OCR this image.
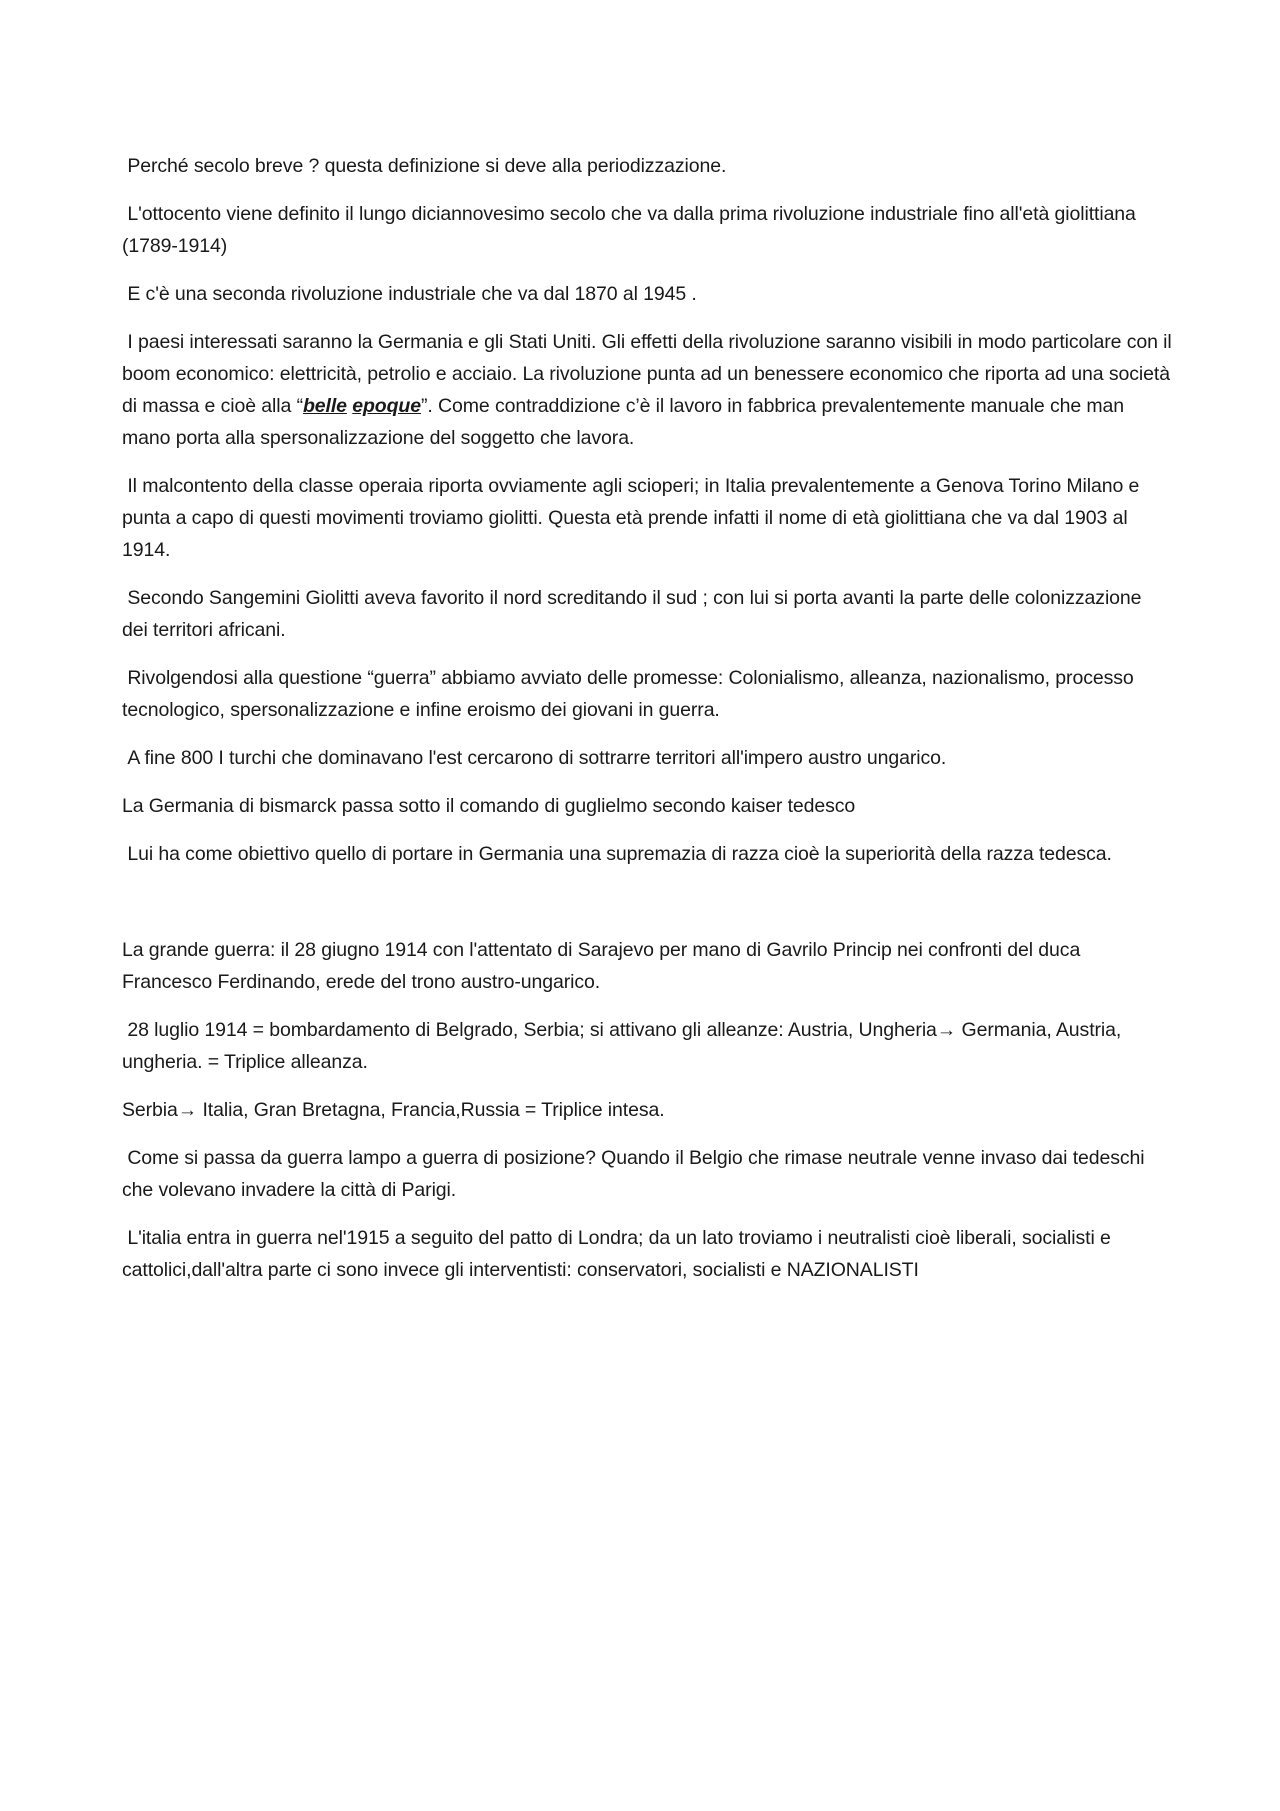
Perché secolo breve ? questa definizione si deve alla periodizzazione.

L'ottocento viene definito il lungo diciannovesimo secolo che va dalla prima rivoluzione industriale fino all'età giolittiana (1789-1914)

E c'è una seconda rivoluzione industriale che va dal 1870 al 1945 .

I paesi interessati saranno la Germania e gli Stati Uniti. Gli effetti della rivoluzione saranno visibili in modo particolare con il boom economico: elettricità, petrolio e acciaio. La rivoluzione punta ad un benessere economico che riporta ad una società di massa e cioè alla “belle epoque”. Come contraddizione c’è il lavoro in fabbrica prevalentemente manuale che man mano porta alla spersonalizzazione del soggetto che lavora.

Il malcontento della classe operaia riporta ovviamente agli scioperi; in Italia prevalentemente a Genova Torino Milano e punta a capo di questi movimenti troviamo giolitti. Questa età prende infatti il nome di età giolittiana che va dal 1903 al 1914.

Secondo Sangemini Giolitti aveva favorito il nord screditando il sud ; con lui si porta avanti la parte delle colonizzazione dei territori africani.

Rivolgendosi alla questione “guerra” abbiamo avviato delle promesse: Colonialismo, alleanza, nazionalismo, processo tecnologico, spersonalizzazione e infine eroismo dei giovani in guerra.

A fine 800 I turchi che dominavano l'est cercarono di sottrarre territori all'impero austro ungarico.

La Germania di bismarck passa sotto il comando di guglielmo secondo kaiser tedesco

Lui ha come obiettivo quello di portare in Germania una supremazia di razza cioè la superiorità della razza tedesca.

La grande guerra: il 28 giugno 1914 con l'attentato di Sarajevo per mano di Gavrilo Princip nei confronti del duca Francesco Ferdinando, erede del trono austro-ungarico.

28 luglio 1914 = bombardamento di Belgrado, Serbia; si attivano gli alleanze: Austria, Ungheria→ Germania, Austria, ungheria. = Triplice alleanza.

Serbia→ Italia, Gran Bretagna, Francia,Russia = Triplice intesa.

Come si passa da guerra lampo a guerra di posizione? Quando il Belgio che rimase neutrale venne invaso dai tedeschi che volevano invadere la città di Parigi.

L'italia entra in guerra nel'1915 a seguito del patto di Londra; da un lato troviamo i neutralisti cioè liberali, socialisti e cattolici,dall'altra parte ci sono invece gli interventisti: conservatori, socialisti e NAZIONALISTI
